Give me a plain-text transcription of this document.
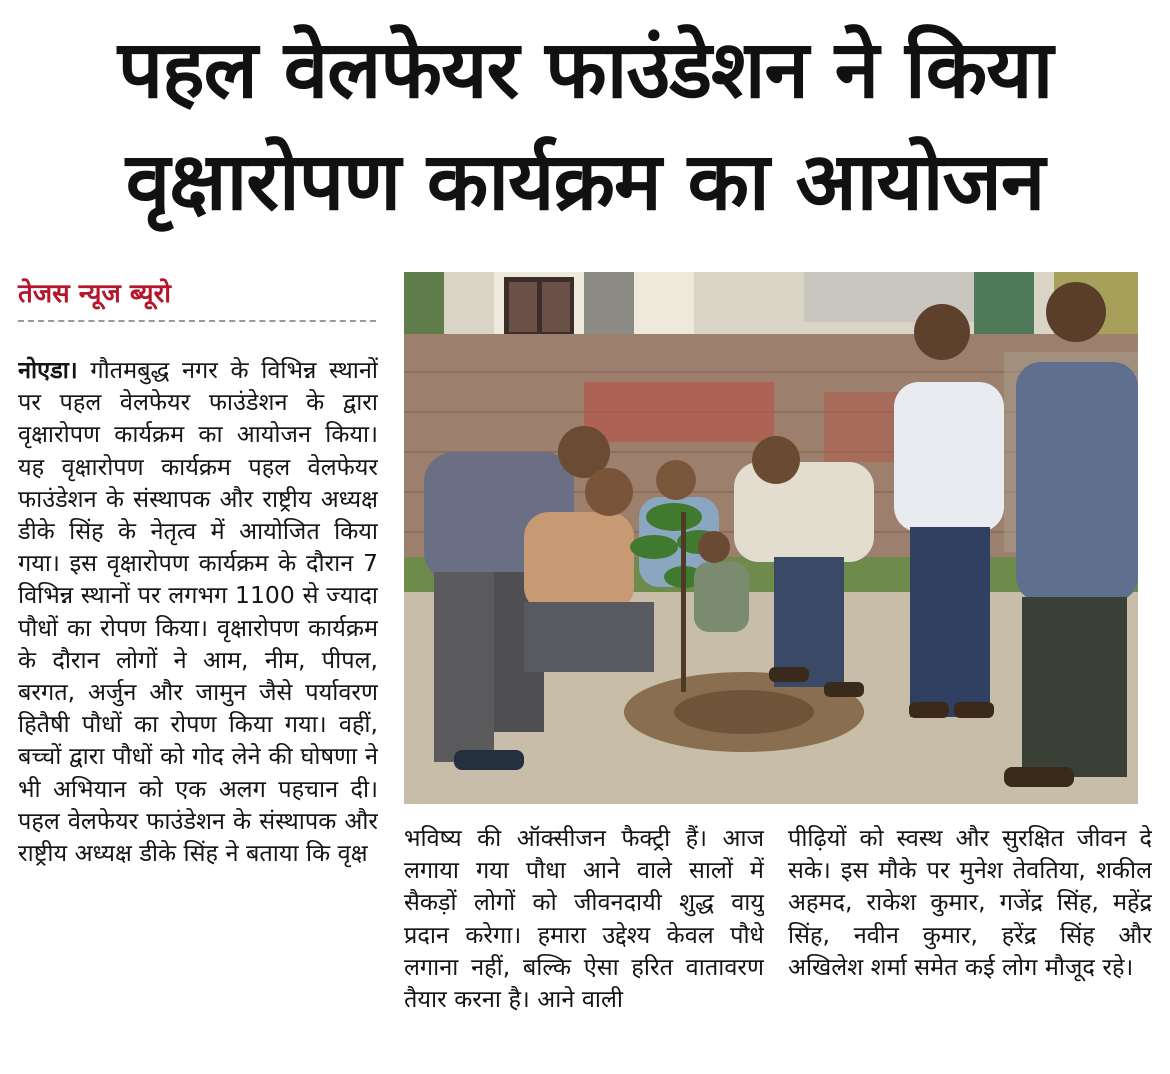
पहल वेलफेयर फाउंडेशन ने किया
वृक्षारोपण कार्यक्रम का आयोजन
तेजस न्यूज ब्यूरो
नोएडा। गौतमबुद्ध नगर के विभिन्न स्थानों पर पहल वेलफेयर फाउंडेशन के द्वारा वृक्षारोपण कार्यक्रम का आयोजन किया। यह वृक्षारोपण कार्यक्रम पहल वेलफेयर फाउंडेशन के संस्थापक और राष्ट्रीय अध्यक्ष डीके सिंह के नेतृत्व में आयोजित किया गया। इस वृक्षारोपण कार्यक्रम के दौरान 7 विभिन्न स्थानों पर लगभग 1100 से ज्यादा पौधों का रोपण किया। वृक्षारोपण कार्यक्रम के दौरान लोगों ने आम, नीम, पीपल, बरगत, अर्जुन और जामुन जैसे पर्यावरण हितैषी पौधों का रोपण किया गया। वहीं, बच्चों द्वारा पौधों को गोद लेने की घोषणा ने भी अभियान को एक अलग पहचान दी। पहल वेलफेयर फाउंडेशन के संस्थापक और राष्ट्रीय अध्यक्ष डीके सिंह ने बताया कि वृक्ष
भविष्य की ऑक्सीजन फैक्ट्री हैं। आज लगाया गया पौधा आने वाले सालों में सैकड़ों लोगों को जीवनदायी शुद्ध वायु प्रदान करेगा। हमारा उद्देश्य केवल पौधे लगाना नहीं, बल्कि ऐसा हरित वातावरण तैयार करना है। आने वाली
पीढ़ियों को स्वस्थ और सुरक्षित जीवन दे सके। इस मौके पर मुनेश तेवतिया, शकील अहमद, राकेश कुमार, गजेंद्र सिंह, महेंद्र सिंह, नवीन कुमार, हरेंद्र सिंह और अखिलेश शर्मा समेत कई लोग मौजूद रहे।
